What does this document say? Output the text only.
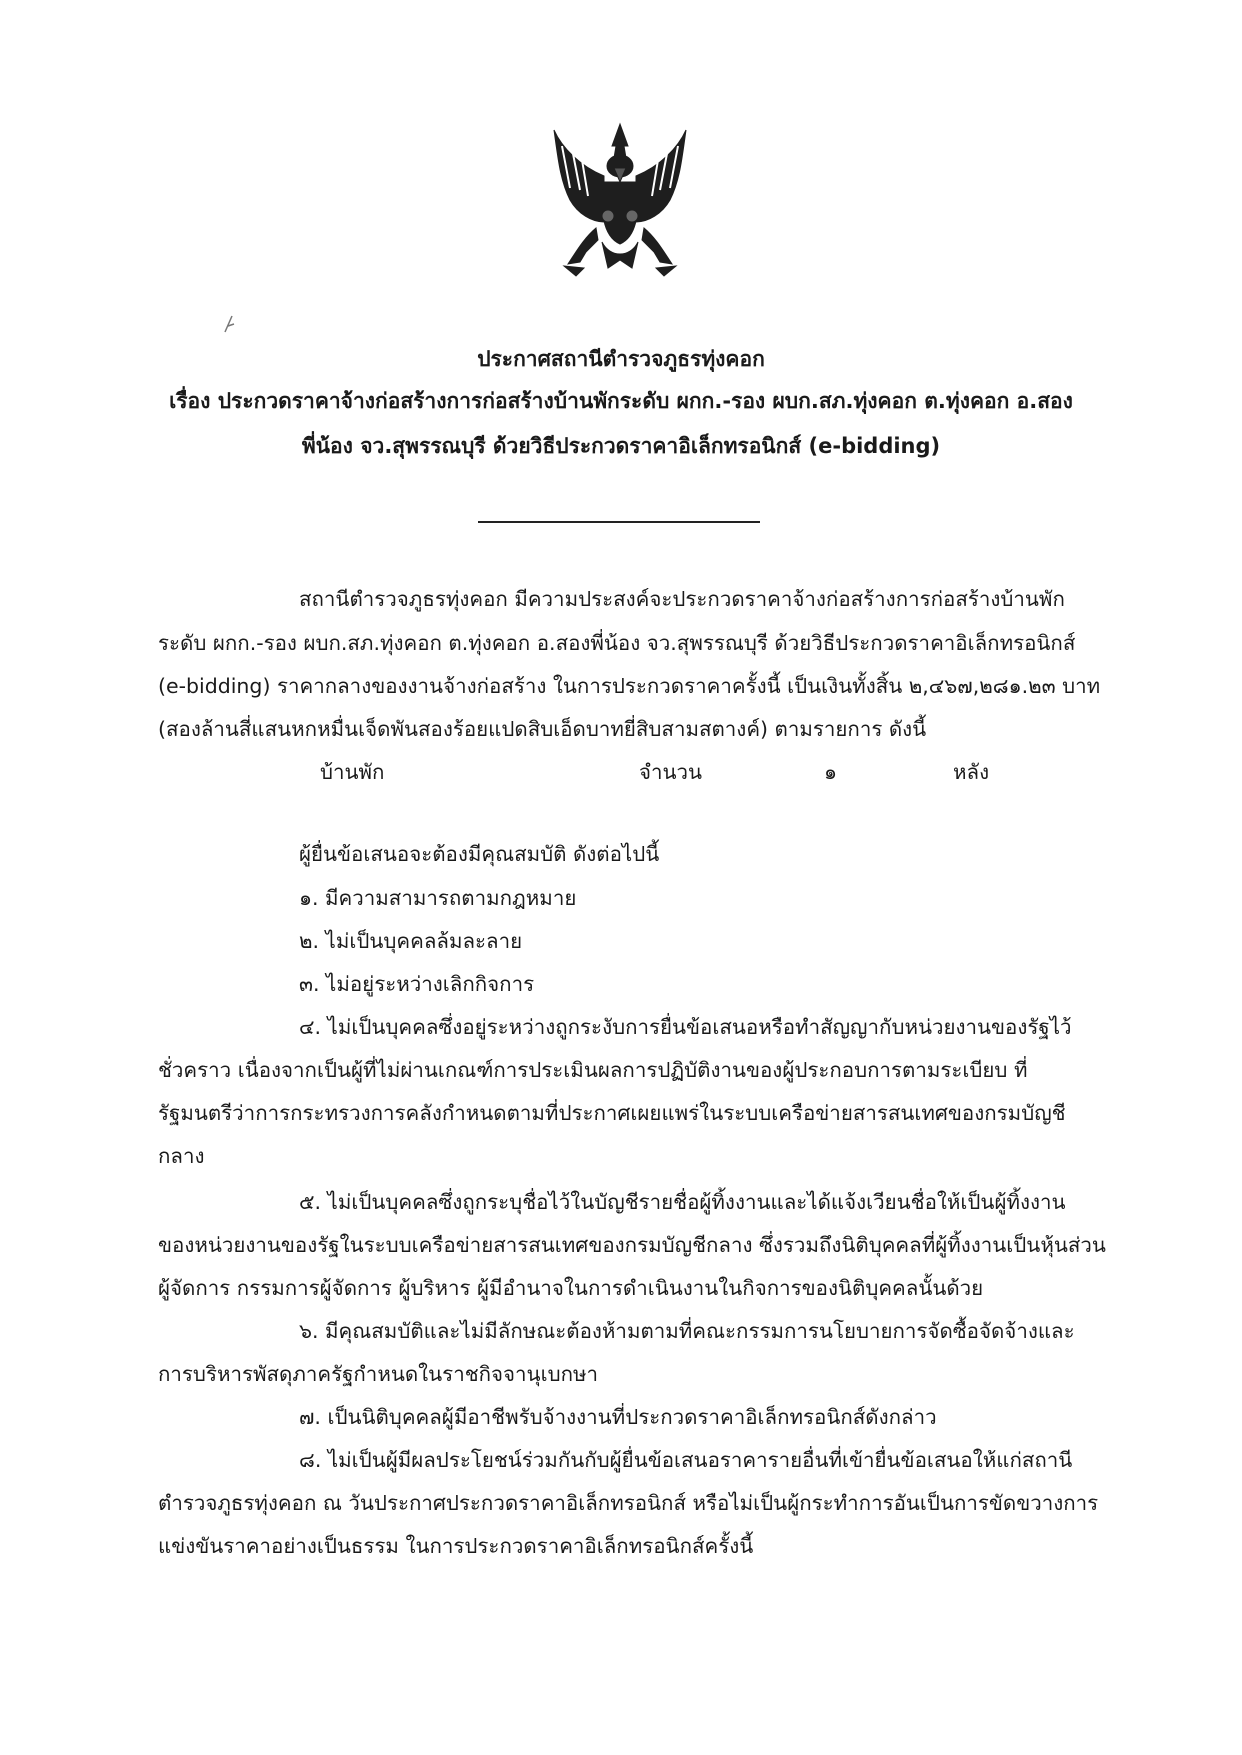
ประกาศสถานีตำรวจภูธรทุ่งคอก
เรื่อง ประกวดราคาจ้างก่อสร้างการก่อสร้างบ้านพักระดับ ผกก.-รอง ผบก.สภ.ทุ่งคอก ต.ทุ่งคอก อ.สอง
พี่น้อง จว.สุพรรณบุรี ด้วยวิธีประกวดราคาอิเล็กทรอนิกส์ (e-bidding)
สถานีตำรวจภูธรทุ่งคอก มีความประสงค์จะประกวดราคาจ้างก่อสร้างการก่อสร้างบ้านพัก
ระดับ ผกก.-รอง ผบก.สภ.ทุ่งคอก ต.ทุ่งคอก อ.สองพี่น้อง จว.สุพรรณบุรี ด้วยวิธีประกวดราคาอิเล็กทรอนิกส์
(e-bidding) ราคากลางของงานจ้างก่อสร้าง ในการประกวดราคาครั้งนี้ เป็นเงินทั้งสิ้น ๒,๔๖๗,๒๘๑.๒๓ บาท
(สองล้านสี่แสนหกหมื่นเจ็ดพันสองร้อยแปดสิบเอ็ดบาทยี่สิบสามสตางค์) ตามรายการ ดังนี้
บ้านพัก	จำนวน	๑	หลัง
ผู้ยื่นข้อเสนอจะต้องมีคุณสมบัติ ดังต่อไปนี้
๑. มีความสามารถตามกฎหมาย
๒. ไม่เป็นบุคคลล้มละลาย
๓. ไม่อยู่ระหว่างเลิกกิจการ
๔. ไม่เป็นบุคคลซึ่งอยู่ระหว่างถูกระงับการยื่นข้อเสนอหรือทำสัญญากับหน่วยงานของรัฐไว้
ชั่วคราว เนื่องจากเป็นผู้ที่ไม่ผ่านเกณฑ์การประเมินผลการปฏิบัติงานของผู้ประกอบการตามระเบียบ ที่
รัฐมนตรีว่าการกระทรวงการคลังกำหนดตามที่ประกาศเผยแพร่ในระบบเครือข่ายสารสนเทศของกรมบัญชี
กลาง
๕. ไม่เป็นบุคคลซึ่งถูกระบุชื่อไว้ในบัญชีรายชื่อผู้ทิ้งงานและได้แจ้งเวียนชื่อให้เป็นผู้ทิ้งงาน
ของหน่วยงานของรัฐในระบบเครือข่ายสารสนเทศของกรมบัญชีกลาง ซึ่งรวมถึงนิติบุคคลที่ผู้ทิ้งงานเป็นหุ้นส่วน
ผู้จัดการ กรรมการผู้จัดการ ผู้บริหาร ผู้มีอำนาจในการดำเนินงานในกิจการของนิติบุคคลนั้นด้วย
๖. มีคุณสมบัติและไม่มีลักษณะต้องห้ามตามที่คณะกรรมการนโยบายการจัดซื้อจัดจ้างและ
การบริหารพัสดุภาครัฐกำหนดในราชกิจจานุเบกษา
๗. เป็นนิติบุคคลผู้มีอาชีพรับจ้างงานที่ประกวดราคาอิเล็กทรอนิกส์ดังกล่าว
๘. ไม่เป็นผู้มีผลประโยชน์ร่วมกันกับผู้ยื่นข้อเสนอราคารายอื่นที่เข้ายื่นข้อเสนอให้แก่สถานี
ตำรวจภูธรทุ่งคอก ณ วันประกาศประกวดราคาอิเล็กทรอนิกส์ หรือไม่เป็นผู้กระทำการอันเป็นการขัดขวางการ
แข่งขันราคาอย่างเป็นธรรม ในการประกวดราคาอิเล็กทรอนิกส์ครั้งนี้
